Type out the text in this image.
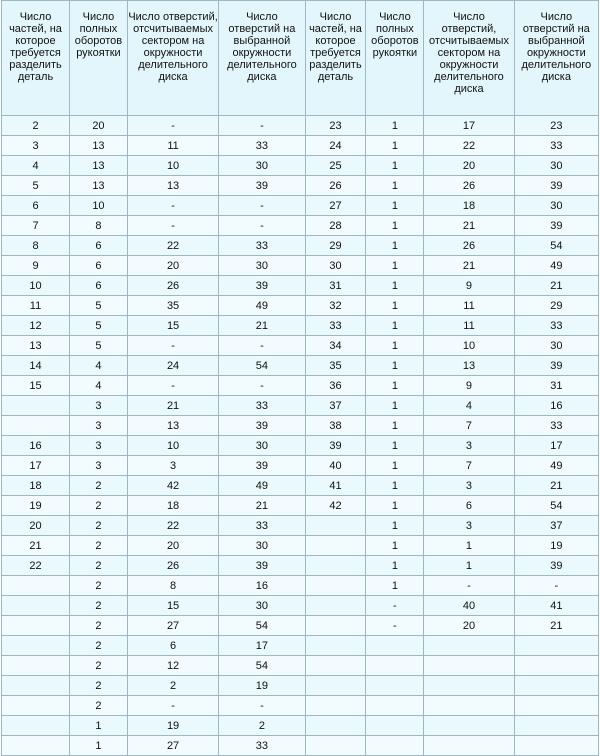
Число частей, на которое требуется разделить деталь	Число полных оборотов рукоятки	Число отверстий, отсчитываемых сектором на окружности делительного диска	Число отверстий на выбранной окружности делительного диска	Число частей, на которое требуется разделить деталь	Число полных оборотов рукоятки	Число отверстий, отсчитываемых сектором на окружности делительного диска	Число отверстий на выбранной окружности делительного диска
2	20	-	-	23	1	17	23
3	13	11	33	24	1	22	33
4	13	10	30	25	1	20	30
5	13	13	39	26	1	26	39
6	10	-	-	27	1	18	30
7	8	-	-	28	1	21	39
8	6	22	33	29	1	26	54
9	6	20	30	30	1	21	49
10	6	26	39	31	1	9	21
11	5	35	49	32	1	11	29
12	5	15	21	33	1	11	33
13	5	-	-	34	1	10	30
14	4	24	54	35	1	13	39
15	4	-	-	36	1	9	31
	3	21	33	37	1	4	16
	3	13	39	38	1	7	33
16	3	10	30	39	1	3	17
17	3	3	39	40	1	7	49
18	2	42	49	41	1	3	21
19	2	18	21	42	1	6	54
20	2	22	33		1	3	37
21	2	20	30		1	1	19
22	2	26	39		1	1	39
	2	8	16		1	-	-
	2	15	30		-	40	41
	2	27	54		-	20	21
	2	6	17				
	2	12	54				
	2	2	19				
	2	-	-				
	1	19	2				
	1	27	33				
